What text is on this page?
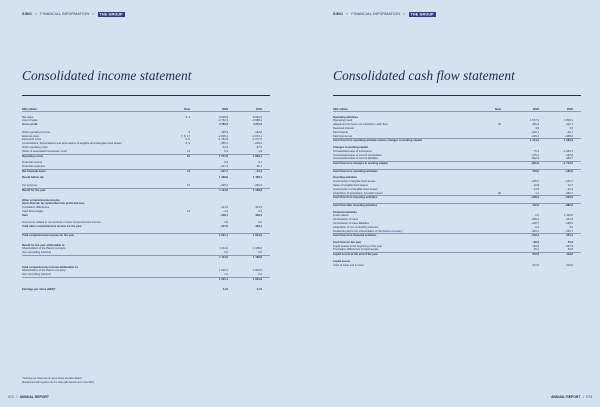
SIMO // FINANCIAL INFORMATION // THE GROUP
Consolidated income statement
SEK million	Note	2023	2022
Net sales	3, 4	9 515,9	8 060,6
Cost of sales	−4 732,3	−3 688,4
Gross profit	4 783,6	4 372,2
Other operating income	5	185,9	132,8
External costs	7, 8, 17	−1 845,4	−1 973,1
Personnel costs	5, 6	−1 152,8	−1 077,4
Amortisations, depreciations and write-downs of tangible and intangible fixed assets	8, 9	−355,2	−249,2
Other operating costs	−34,5	−57,8
Share of associated companies' profit	13	0,4	1,8
Operating result	10	1 577,6	1 808,1
Financial income	9,6	3,7
Financial expenses	−147,3	−38,1
Net financial items	11	−137,7	−34,4
Result before tax	1 439,9	1 458,1
Tax expense	12	−325,4	−291,3
Result for the year	1 114,5	1 168,8
Other comprehensive income
Items that can be reclassified into profit and loss
Translation differences	−114,9	434,5
Cash flow hedges	14	−4,2	0,4
Sum	−118,7	436,3
Income tax related to components of other comprehensive income	0,8	0,0
Total other comprehensive income for the year	−117,9	436,1
Total comprehensive income for the year	1 001,1	1 604,9
Result for the year attributable to:
Shareholders of the Parent company	1 114,0	1 168,8
Non-controlling interests	0,5	0,0
1 114,5	1 168,8
Total comprehensive income attributable to:
Shareholders of the Parent company	1 000,1	1 604,9
Non-controlling interests	1,0	0,0
1 001,1	1 604,9
Earnings per share (SEK)*	0,41	0,41
* Earnings per share are the same before and after dilution.
Restatement with regard to the 3:1 share split carried out in June 2023.
072 // ANNUAL REPORT
SIMO // FINANCIAL INFORMATION // THE GROUP
Consolidated cash flow statement
SEK million	Note	2023	2022
Operating activities
Operating result	1 577,6	1 808,1
Adjustment for items not included in cash flow	26	339,4	242,1
Received interest	3,6	3,6
Paid interest	−140,7	−32,7
Paid income tax	−335,4	−438,0
Cash flow from operating activities before changes in working capital	1 444,9	1 583,2
Changes in working capital
Increase/decrease of inventories	75,4	−1 963,1
Increase/decrease of current receivables	−175,1	−146,8
Increase/decrease of current liabilities	−592,3	456,7
Cash flow from changes in working capital	−691,9	−1 743,2
Cash flow from operating activities	753,0	−160,0
Investing activities
Investments in tangible fixed assets	−225,2	−125,7
Sales of tangible fixed assets	10,9	10,7
Investments in intangible fixed assets	−14,8	−10,3
Acquisition of operations, net cash impact	26	3,1	−396,7
Cash flow from investing activities	−226,0	−522,0
Cash flow after investing activities	742,9	−882,2
Financial activities
Loans raised	0,0	1 400,0
Amortisation of loans	−595,2	−111,9
Amortisation of lease liabilities	−148,7	−138,5
Acquisition of non-controlling interests	0,0	0,0
Dividends paid to the shareholders of the Parent company	−429,4	−335,7
Cash flow from financial activities	−723,4	254,1
Cash flow for the year	−82,5	51,9
Liquid assets at the beginning of the year	419,6	327,9
Translation differences in liquid assets	35,1	39,8
Liquid assets at the end of the year	372,6	419,6
Liquid assets
Cash at bank and in hand	372,6	419,6
ANNUAL REPORT // 073
